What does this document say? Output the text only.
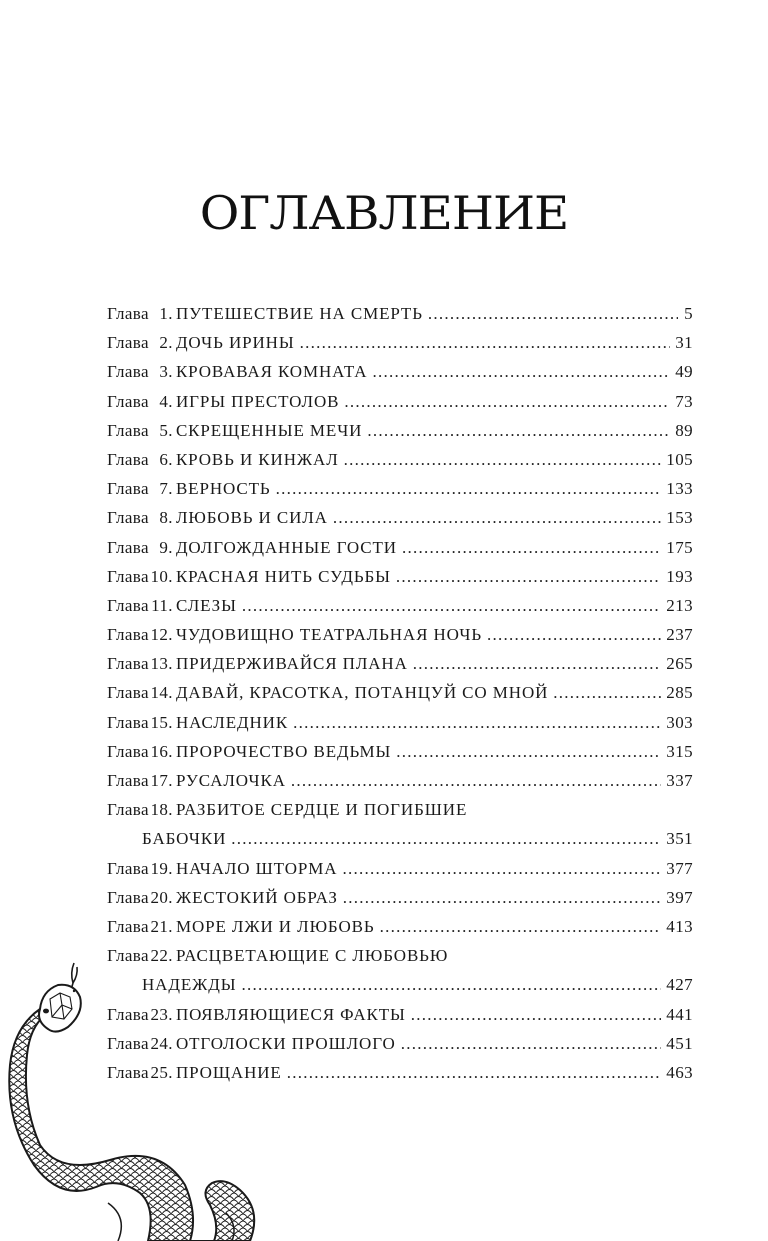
ОГЛАВЛЕНИЕ
Глава 1. ПУТЕШЕСТВИЕ НА СМЕРТЬ . . .	5
Глава 2. ДОЧЬ ИРИНЫ . . .	31
Глава 3. КРОВАВАЯ КОМНАТА . . .	49
Глава 4. ИГРЫ ПРЕСТОЛОВ . . .	73
Глава 5. СКРЕЩЕННЫЕ МЕЧИ . . .	89
Глава 6. КРОВЬ И КИНЖАЛ . . .	105
Глава 7. ВЕРНОСТЬ . . .	133
Глава 8. ЛЮБОВЬ И СИЛА . . .	153
Глава 9. ДОЛГОЖДАННЫЕ ГОСТИ . . .	175
Глава10. КРАСНАЯ НИТЬ СУДЬБЫ . . .	193
Глава 11. СЛЕЗЫ . . .	213
Глава12. ЧУДОВИЩНО ТЕАТРАЛЬНАЯ НОЧЬ . . .	237
Глава13. ПРИДЕРЖИВАЙСЯ ПЛАНА . . .	265
Глава14. ДАВАЙ, КРАСОТКА, ПОТАНЦУЙ СО МНОЙ . . .	285
Глава15. НАСЛЕДНИК . . .	303
Глава16. ПРОРОЧЕСТВО ВЕДЬМЫ . . .	315
Глава17. РУСАЛОЧКА . . .	337
Глава18. РАЗБИТОЕ СЕРДЦЕ И ПОГИБШИЕ
БАБОЧКИ . . .	351
Глава19. НАЧАЛО ШТОРМА . . .	377
Глава20. ЖЕСТОКИЙ ОБРАЗ . . .	397
Глава21. МОРЕ ЛЖИ И ЛЮБОВЬ . . .	413
Глава22. РАСЦВЕТАЮЩИЕ С ЛЮБОВЬЮ
НАДЕЖДЫ . . .	427
Глава23. ПОЯВЛЯЮЩИЕСЯ ФАКТЫ . . .	441
Глава24. ОТГОЛОСКИ ПРОШЛОГО . . .	451
Глава25. ПРОЩАНИЕ . . .	463
